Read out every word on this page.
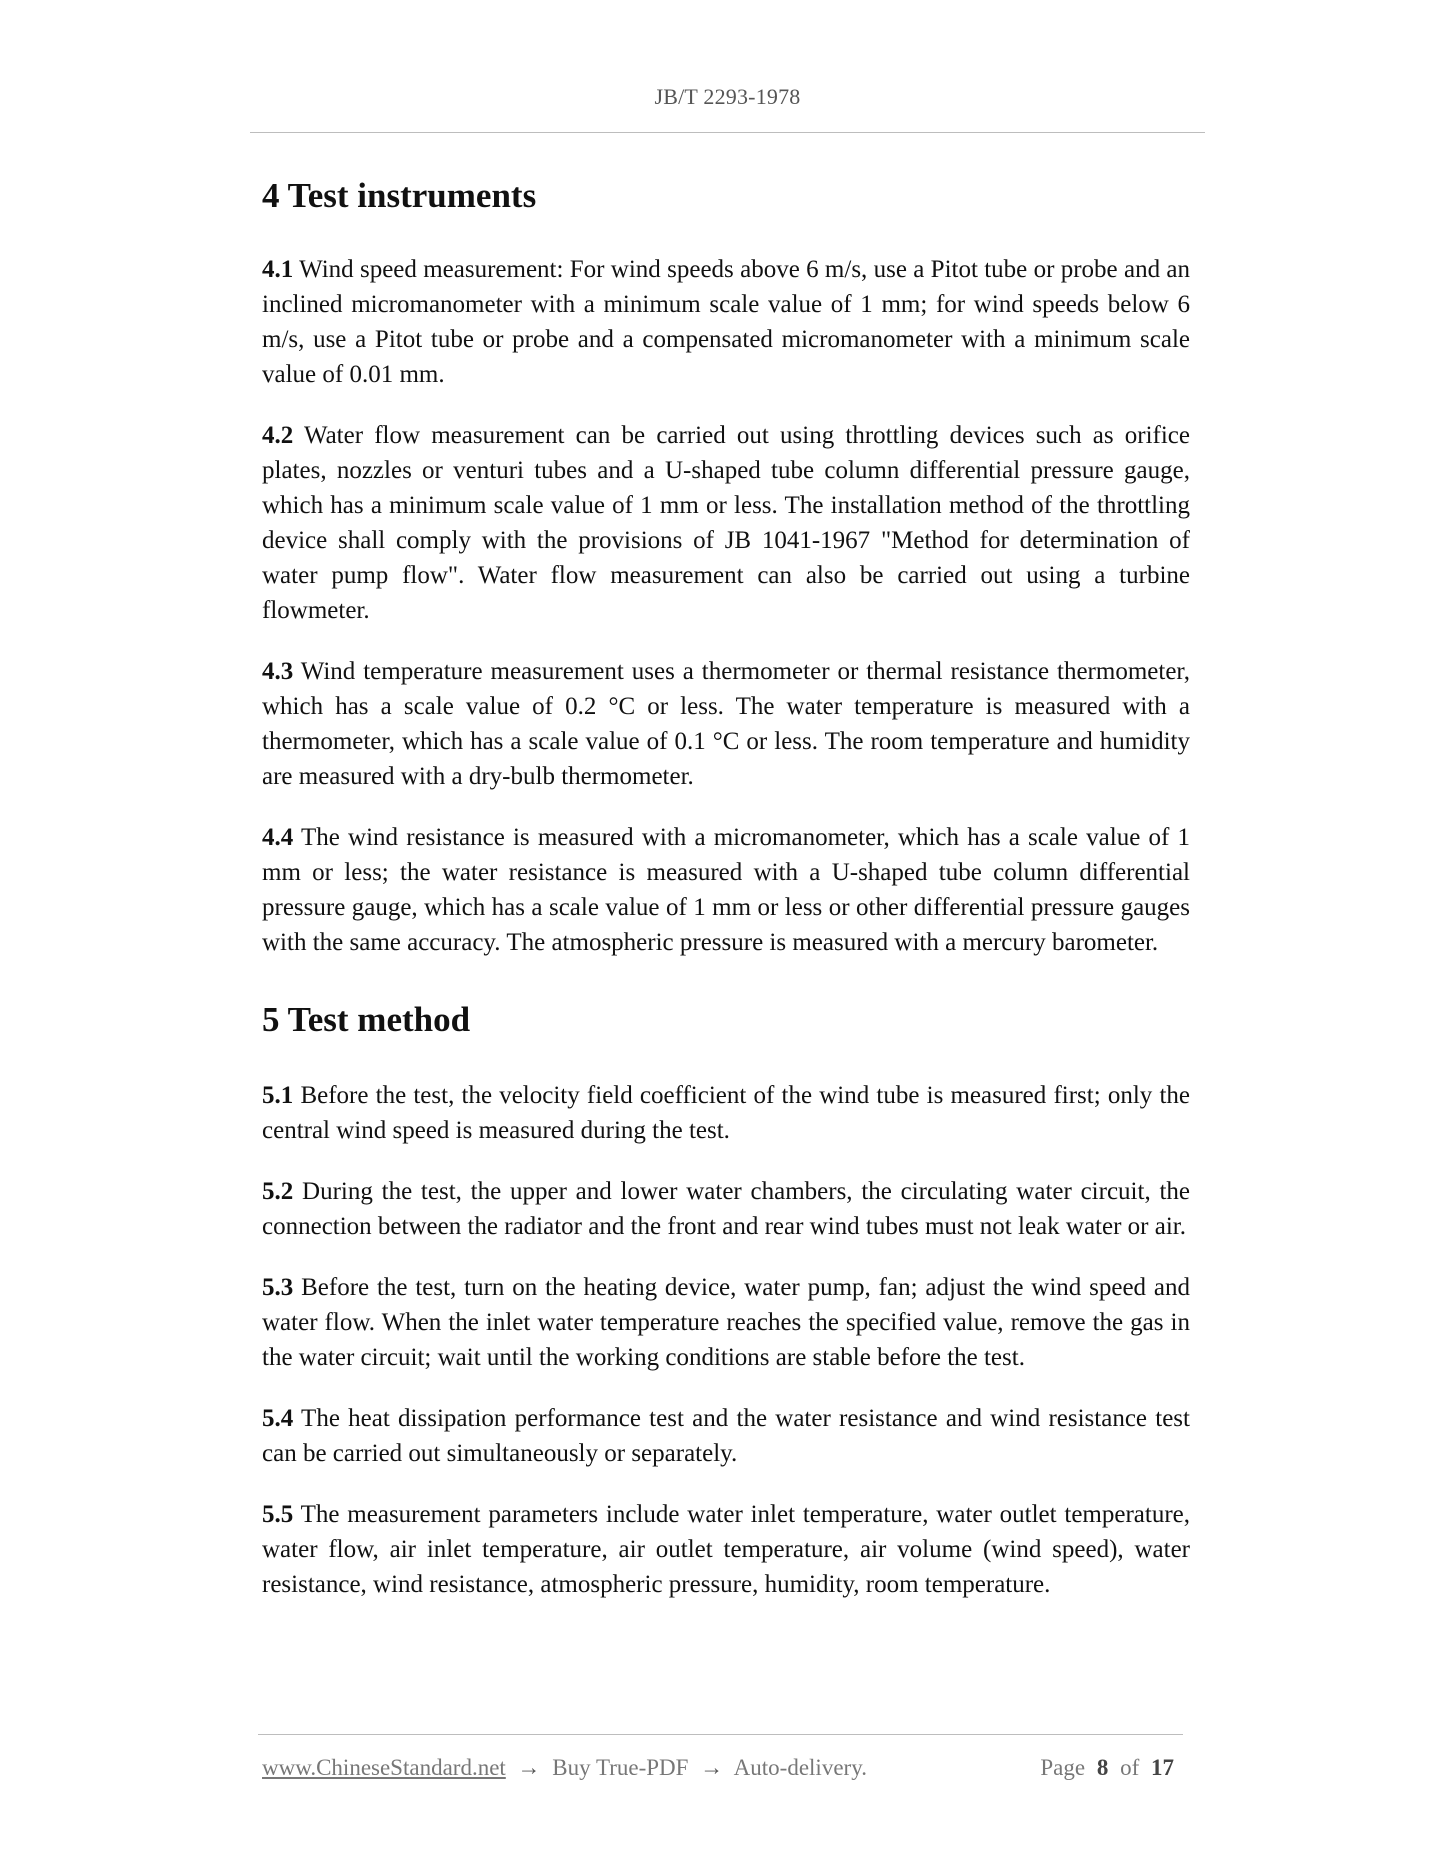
JB/T 2293-1978
4 Test instruments

4.1 Wind speed measurement: For wind speeds above 6 m/s, use a Pitot tube or probe and an inclined micromanometer with a minimum scale value of 1 mm; for wind speeds below 6 m/s, use a Pitot tube or probe and a compensated micromanometer with a minimum scale value of 0.01 mm.

4.2 Water flow measurement can be carried out using throttling devices such as orifice plates, nozzles or venturi tubes and a U-shaped tube column differential pressure gauge, which has a minimum scale value of 1 mm or less. The installation method of the throttling device shall comply with the provisions of JB 1041-1967 "Method for determination of water pump flow". Water flow measurement can also be carried out using a turbine flowmeter.

4.3 Wind temperature measurement uses a thermometer or thermal resistance thermometer, which has a scale value of 0.2 °C or less. The water temperature is measured with a thermometer, which has a scale value of 0.1 °C or less. The room temperature and humidity are measured with a dry-bulb thermometer.

4.4 The wind resistance is measured with a micromanometer, which has a scale value of 1 mm or less; the water resistance is measured with a U-shaped tube column differential pressure gauge, which has a scale value of 1 mm or less or other differential pressure gauges with the same accuracy. The atmospheric pressure is measured with a mercury barometer.

5 Test method

5.1 Before the test, the velocity field coefficient of the wind tube is measured first; only the central wind speed is measured during the test.

5.2 During the test, the upper and lower water chambers, the circulating water circuit, the connection between the radiator and the front and rear wind tubes must not leak water or air.

5.3 Before the test, turn on the heating device, water pump, fan; adjust the wind speed and water flow. When the inlet water temperature reaches the specified value, remove the gas in the water circuit; wait until the working conditions are stable before the test.

5.4 The heat dissipation performance test and the water resistance and wind resistance test can be carried out simultaneously or separately.

5.5 The measurement parameters include water inlet temperature, water outlet temperature, water flow, air inlet temperature, air outlet temperature, air volume (wind speed), water resistance, wind resistance, atmospheric pressure, humidity, room temperature.

www.ChineseStandard.net → Buy True-PDF → Auto-delivery.	Page 8 of 17
